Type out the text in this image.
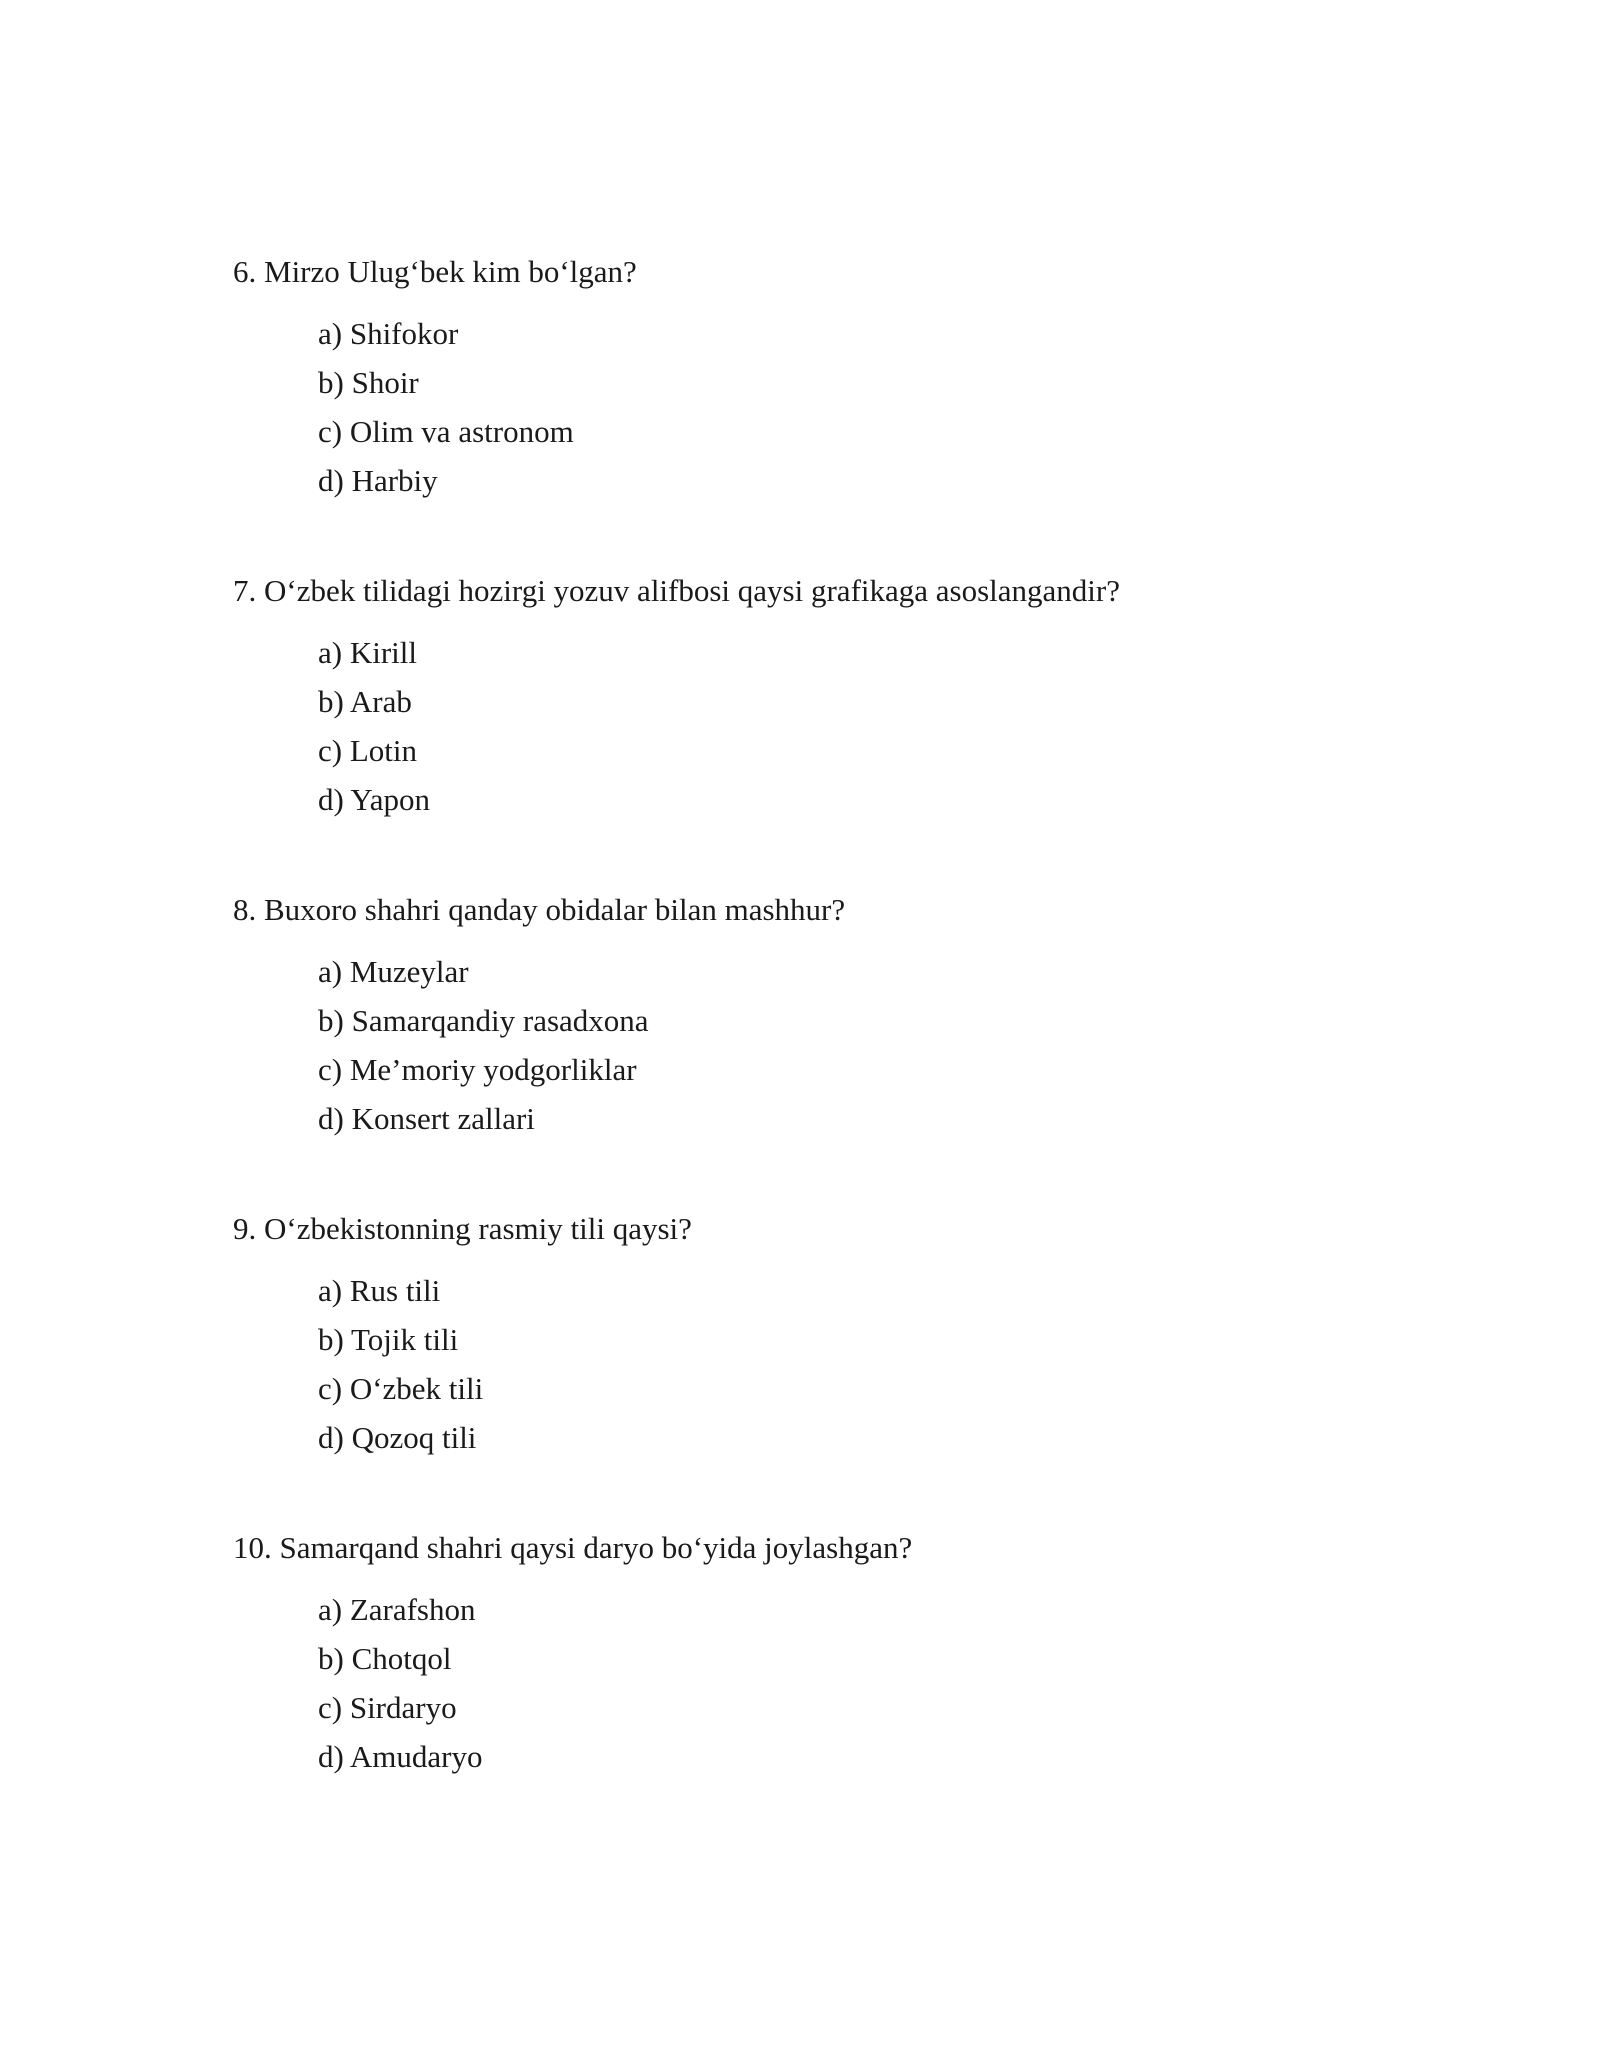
6. Mirzo Ulug‘bek kim bo‘lgan?

a) Shifokor
b) Shoir
c) Olim va astronom
d) Harbiy

7. O‘zbek tilidagi hozirgi yozuv alifbosi qaysi grafikaga asoslangandir?

a) Kirill
b) Arab
c) Lotin
d) Yapon

8. Buxoro shahri qanday obidalar bilan mashhur?

a) Muzeylar
b) Samarqandiy rasadxona
c) Me’moriy yodgorliklar
d) Konsert zallari

9. O‘zbekistonning rasmiy tili qaysi?

a) Rus tili
b) Tojik tili
c) O‘zbek tili
d) Qozoq tili

10. Samarqand shahri qaysi daryo bo‘yida joylashgan?

a) Zarafshon
b) Chotqol
c) Sirdaryo
d) Amudaryo
